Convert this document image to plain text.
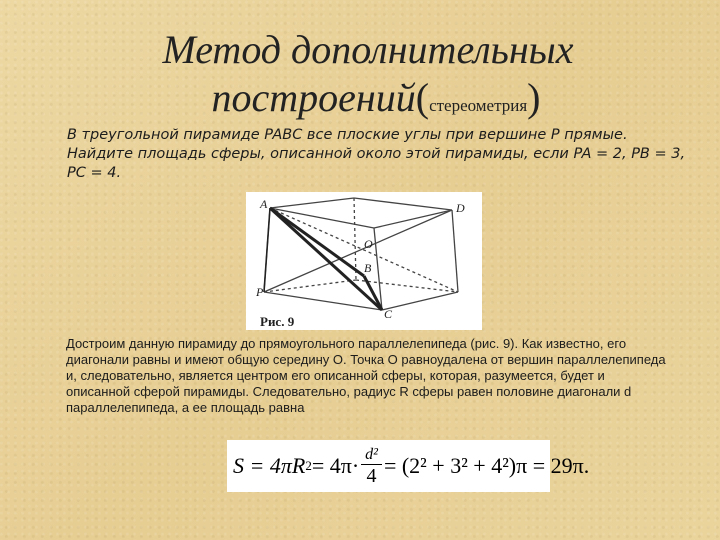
Метод дополнительных
построений(стереометрия)
В треугольной пирамиде PABC все плоские углы при вершине P прямые. Найдите площадь сферы, описанной около этой пирамиды, если PA = 2, PB = 3, PC = 4.
A	D
O
B
P
C
Рис. 9
Достроим данную пирамиду до прямоугольного параллелепипеда (рис. 9). Как известно, его диагонали равны и имеют общую середину O. Точка O равноудалена от вершин параллелепипеда и, следовательно, является центром его описанной сферы, которая, разумеется, будет и описанной сферой пирамиды. Следовательно, радиус R сферы равен половине диагонали d параллелепипеда, а ее площадь равна
S = 4πR $2 = 4\pi\cdot \frac{\text{d²}}{4} = (2^2 + 3^2 + 4^2)\pi = 29\pi$.
